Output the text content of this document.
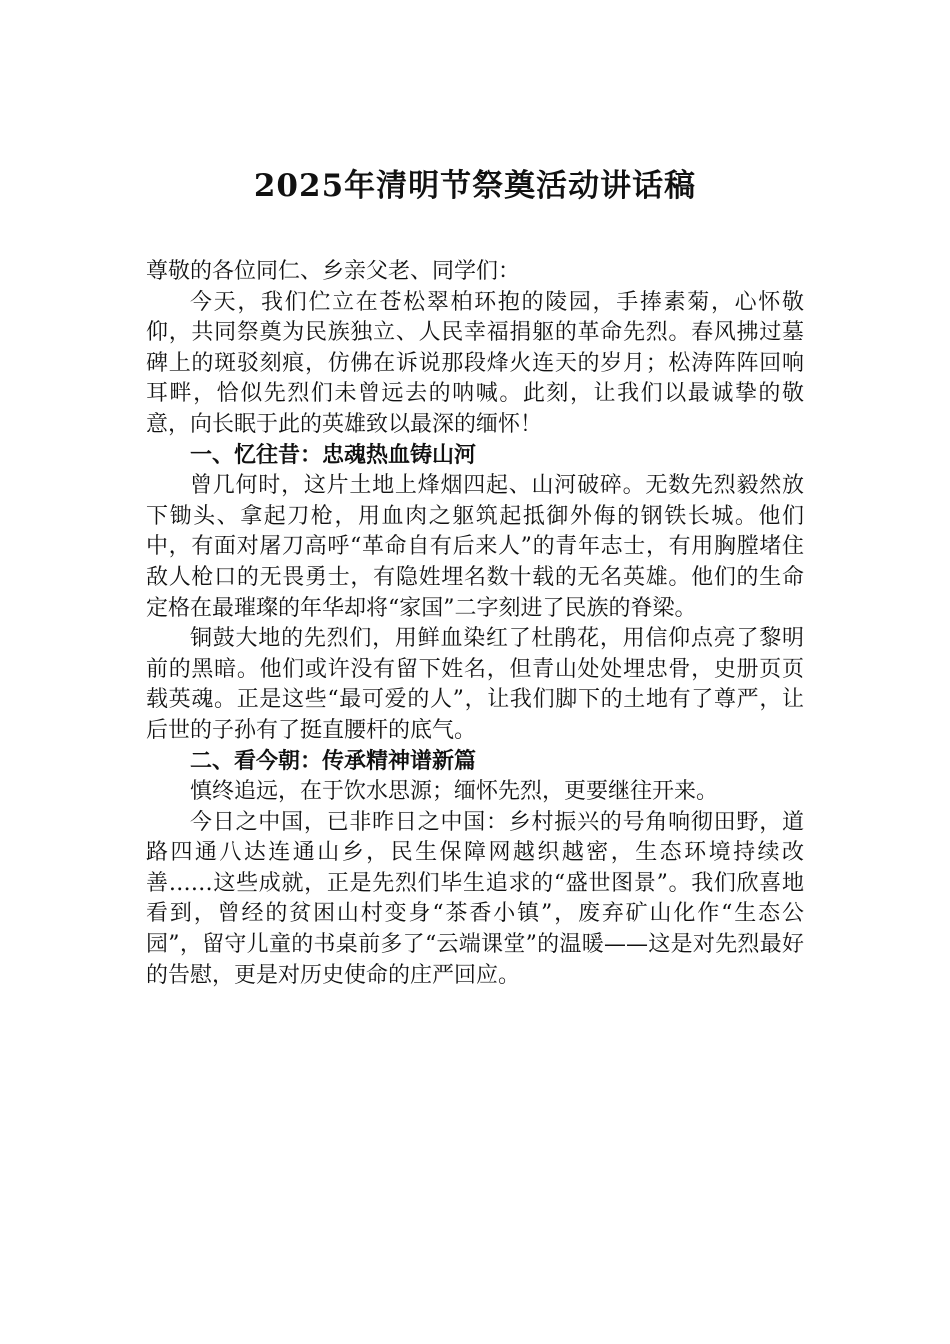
2025年清明节祭奠活动讲话稿

尊敬的各位同仁、乡亲父老、同学们：

今天，我们伫立在苍松翠柏环抱的陵园，手捧素菊，心怀敬仰，共同祭奠为民族独立、人民幸福捐躯的革命先烈。春风拂过墓碑上的斑驳刻痕，仿佛在诉说那段烽火连天的岁月；松涛阵阵回响耳畔，恰似先烈们未曾远去的呐喊。此刻，让我们以最诚挚的敬意，向长眠于此的英雄致以最深的缅怀！

一、忆往昔：忠魂热血铸山河

曾几何时，这片土地上烽烟四起、山河破碎。无数先烈毅然放下锄头、拿起刀枪，用血肉之躯筑起抵御外侮的钢铁长城。他们中，有面对屠刀高呼“革命自有后来人”的青年志士，有用胸膛堵住敌人枪口的无畏勇士，有隐姓埋名数十载的无名英雄。他们的生命定格在最璀璨的年华却将“家国”二字刻进了民族的脊梁。

铜鼓大地的先烈们，用鲜血染红了杜鹃花，用信仰点亮了黎明前的黑暗。他们或许没有留下姓名，但青山处处埋忠骨，史册页页载英魂。正是这些“最可爱的人”，让我们脚下的土地有了尊严，让后世的子孙有了挺直腰杆的底气。

二、看今朝：传承精神谱新篇

慎终追远，在于饮水思源；缅怀先烈，更要继往开来。

今日之中国，已非昨日之中国：乡村振兴的号角响彻田野，道路四通八达连通山乡，民生保障网越织越密，生态环境持续改善……这些成就，正是先烈们毕生追求的“盛世图景”。我们欣喜地看到，曾经的贫困山村变身“茶香小镇”，废弃矿山化作“生态公园”，留守儿童的书桌前多了“云端课堂”的温暖——这是对先烈最好的告慰，更是对历史使命的庄严回应。
